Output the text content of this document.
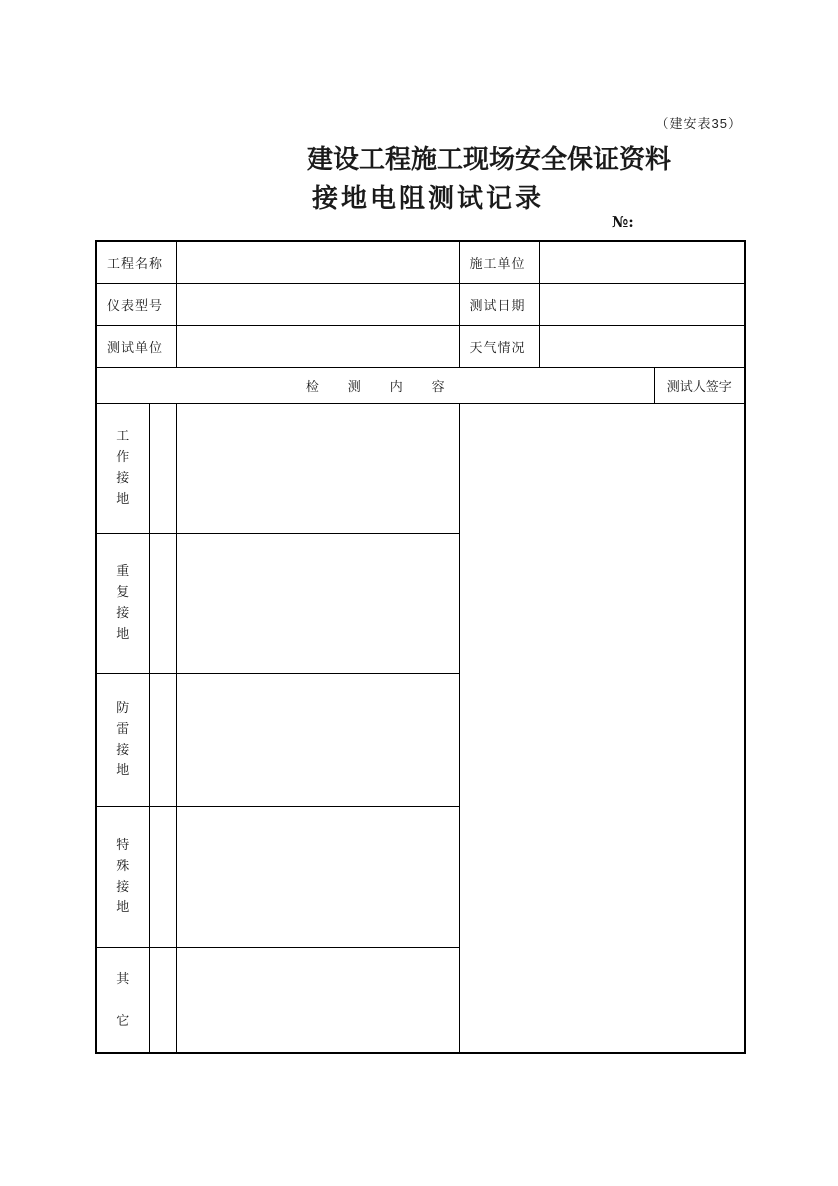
（建安表35）
建设工程施工现场安全保证资料
接地电阻测试记录
№:
工程名称			施工单位		
仪表型号			测试日期		
测试单位			天气情况		
检        测        内        容					测试人签字
工作接地					
重复接地					
防雷接地					
特殊接地					
其它					
